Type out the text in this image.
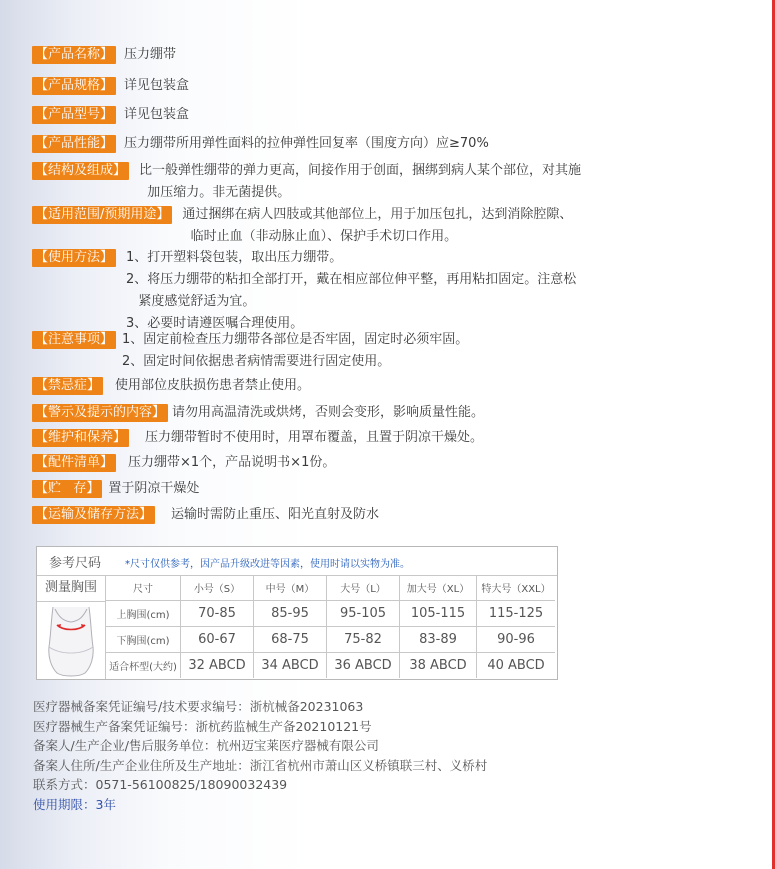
【产品名称】 压力绷带

【产品规格】 详见包装盒

【产品型号】 详见包装盒

【产品性能】 压力绷带所用弹性面料的拉伸弹性回复率（围度方向）应≥70%

【结构及组成】 比一般弹性绷带的弹力更高，间接作用于创面，捆绑到病人某个部位，对其施

加压缩力。非无菌提供。

【适用范围/预期用途】 通过捆绑在病人四肢或其他部位上，用于加压包扎，达到消除腔隙、

临时止血（非动脉止血）、保护手术切口作用。

【使用方法】 1、打开塑料袋包装，取出压力绷带。

2、将压力绷带的粘扣全部打开，戴在相应部位伸平整，再用粘扣固定。注意松

紧度感觉舒适为宜。

3、必要时请遵医嘱合理使用。

【注意事项】 1、固定前检查压力绷带各部位是否牢固，固定时必须牢固。

2、固定时间依据患者病情需要进行固定使用。

【禁忌症】 使用部位皮肤损伤患者禁止使用。

【警示及提示的内容】 请勿用高温清洗或烘烤，否则会变形，影响质量性能。

【维护和保养】 压力绷带暂时不使用时，用罩布覆盖，且置于阴凉干燥处。

【配件清单】 压力绷带×1个，产品说明书×1份。

【贮   存】 置于阴凉干燥处

【运输及储存方法】 运输时需防止重压、阳光直射及防水

参考尺码 *尺寸仅供参考，因产品升级改进等因素，使用时请以实物为准。
测量胸围	尺寸	小号（S）	中号（M）	大号（L）	加大号（XL）	特大号（XXL）
上胸围(cm)	70-85	85-95	95-105	105-115	115-125
下胸围(cm)	60-67	68-75	75-82	83-89	90-96
适合杯型(大约)	32 ABCD	34 ABCD	36 ABCD	38 ABCD	40 ABCD

医疗器械备案凭证编号/技术要求编号：浙杭械备20231063

医疗器械生产备案凭证编号：浙杭药监械生产备20210121号

备案人/生产企业/售后服务单位：杭州迈宝莱医疗器械有限公司

备案人住所/生产企业住所及生产地址：浙江省杭州市萧山区义桥镇联三村、义桥村

联系方式：0571-56100825/18090032439

使用期限：3年
